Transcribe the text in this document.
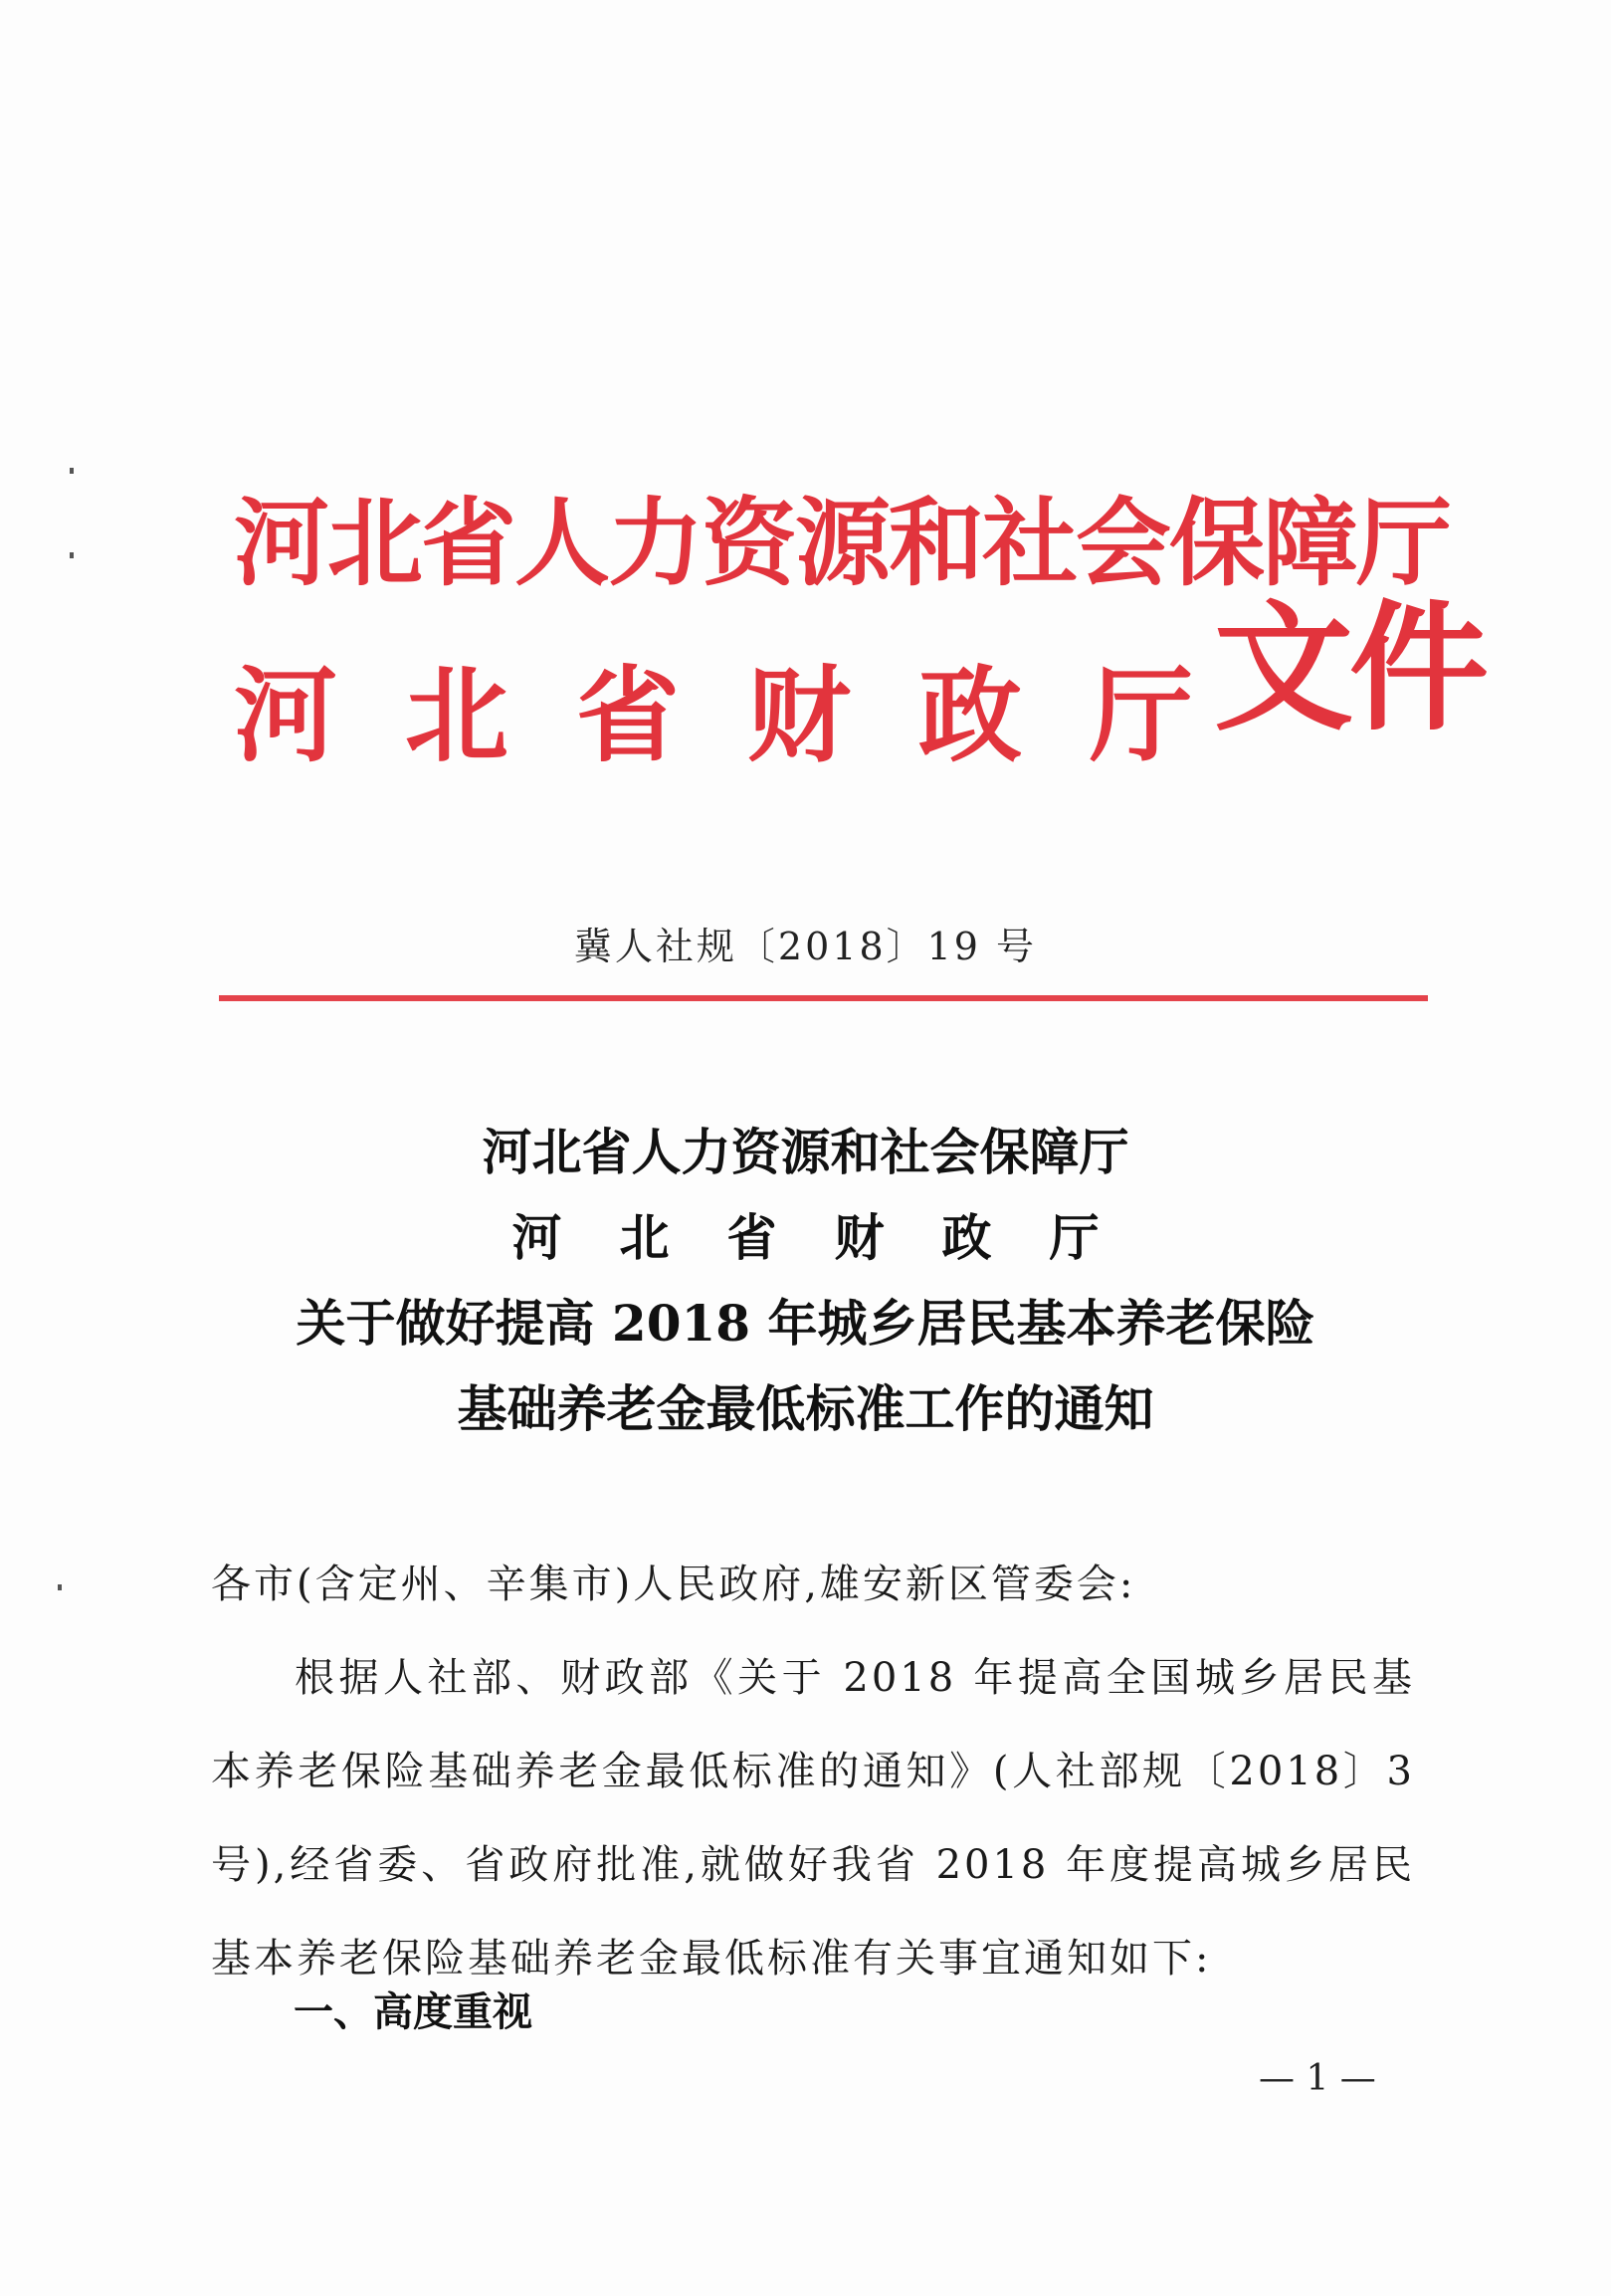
河北省人力资源和社会保障厅
河北省财政厅
文件
冀人社规〔2018〕19 号
河北省人力资源和社会保障厅
河北省财政厅
关于做好提高 2018 年城乡居民基本养老保险
基础养老金最低标准工作的通知
各市(含定州、辛集市)人民政府,雄安新区管委会:
根据人社部、财政部《关于 2018 年提高全国城乡居民基本养老保险基础养老金最低标准的通知》(人社部规〔2018〕3 号),经省委、省政府批准,就做好我省 2018 年度提高城乡居民基本养老保险基础养老金最低标准有关事宜通知如下:
一、高度重视
— 1 —
